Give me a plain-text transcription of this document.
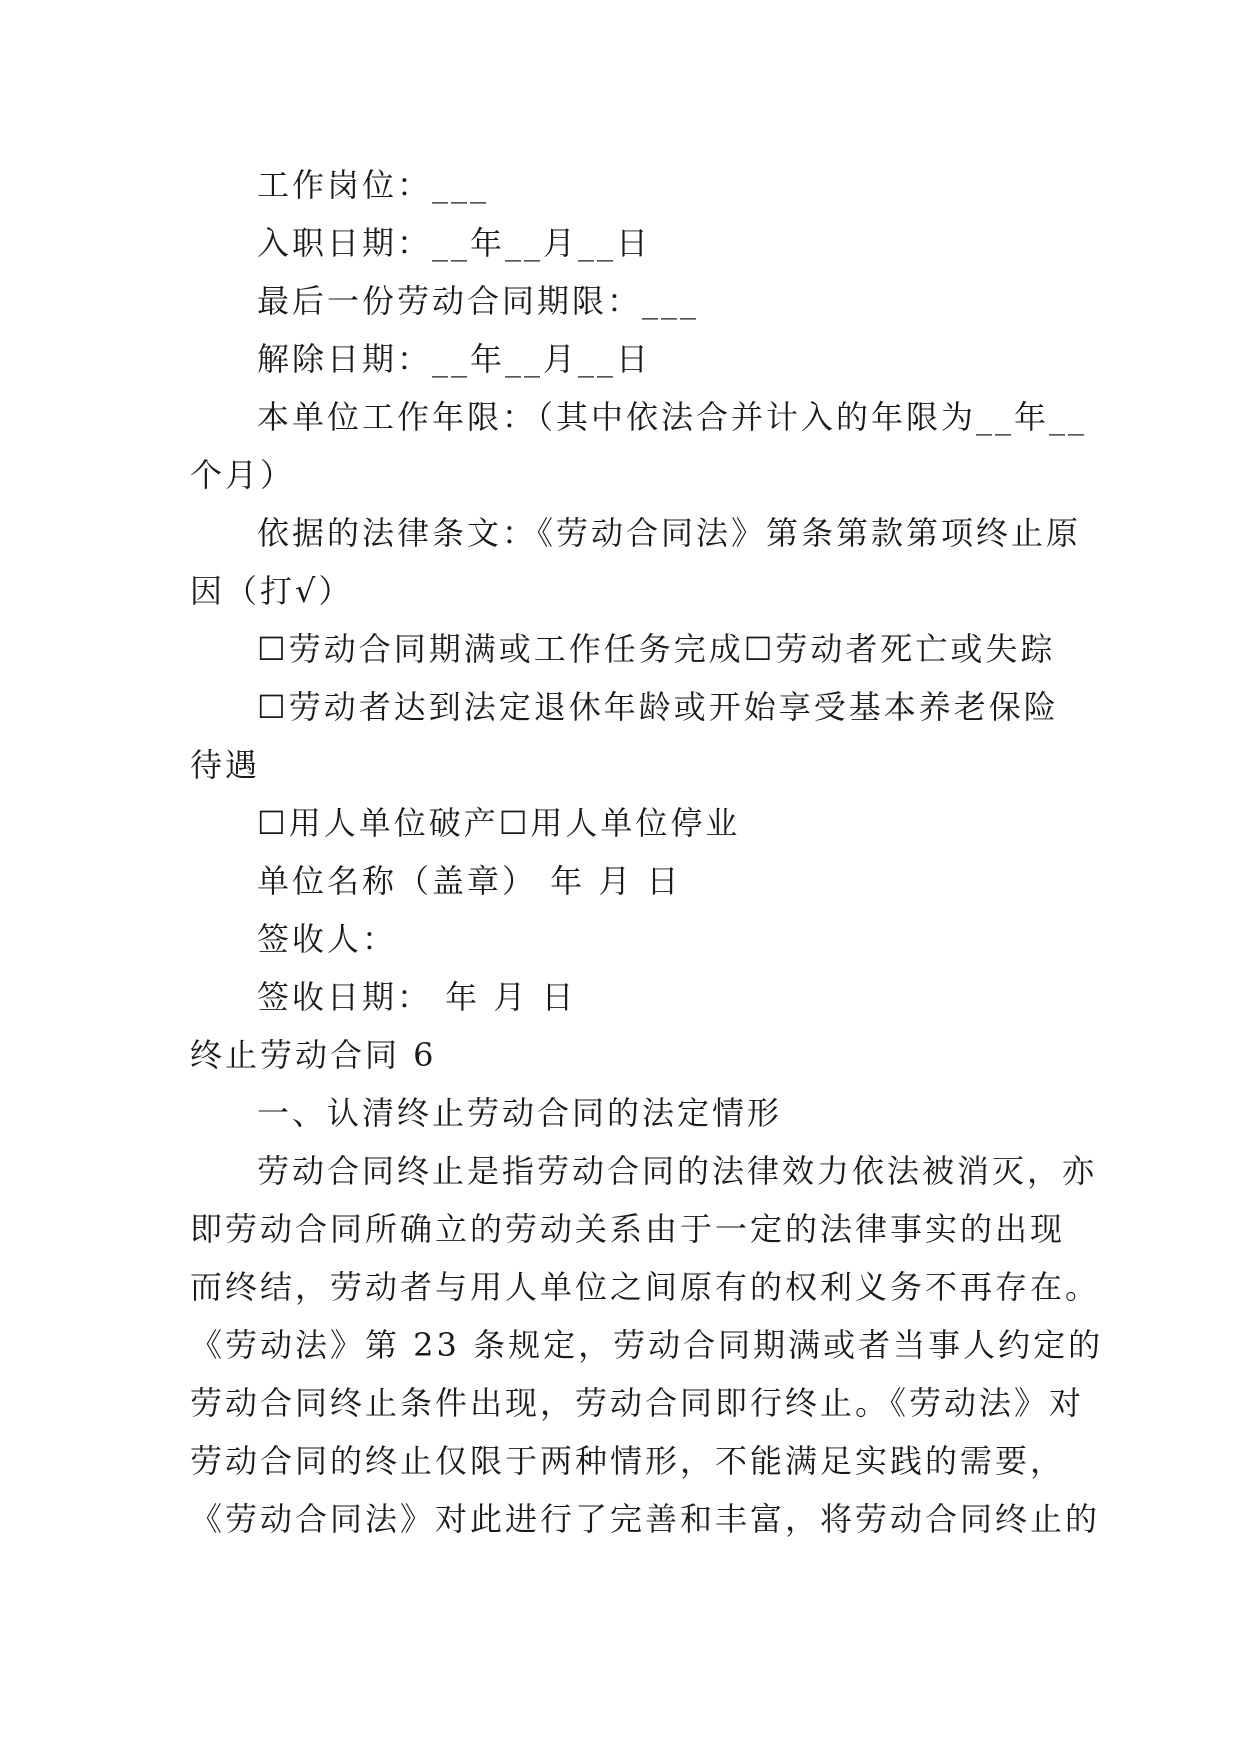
工作岗位：___
入职日期：__年__月__日
最后一份劳动合同期限：___
解除日期：__年__月__日
本单位工作年限：（其中依法合并计入的年限为__年__
个月）
依据的法律条文：《劳动合同法》第条第款第项终止原
因（打√）
☐劳动合同期满或工作任务完成☐劳动者死亡或失踪
☐劳动者达到法定退休年龄或开始享受基本养老保险
待遇
☐用人单位破产☐用人单位停业
单位名称（盖章） 年 月 日
签收人：
签收日期： 年 月 日
终止劳动合同 6
一、认清终止劳动合同的法定情形
劳动合同终止是指劳动合同的法律效力依法被消灭，亦
即劳动合同所确立的劳动关系由于一定的法律事实的出现
而终结，劳动者与用人单位之间原有的权利义务不再存在。
《劳动法》第 23 条规定，劳动合同期满或者当事人约定的
劳动合同终止条件出现，劳动合同即行终止。《劳动法》对
劳动合同的终止仅限于两种情形，不能满足实践的需要，
《劳动合同法》对此进行了完善和丰富，将劳动合同终止的
